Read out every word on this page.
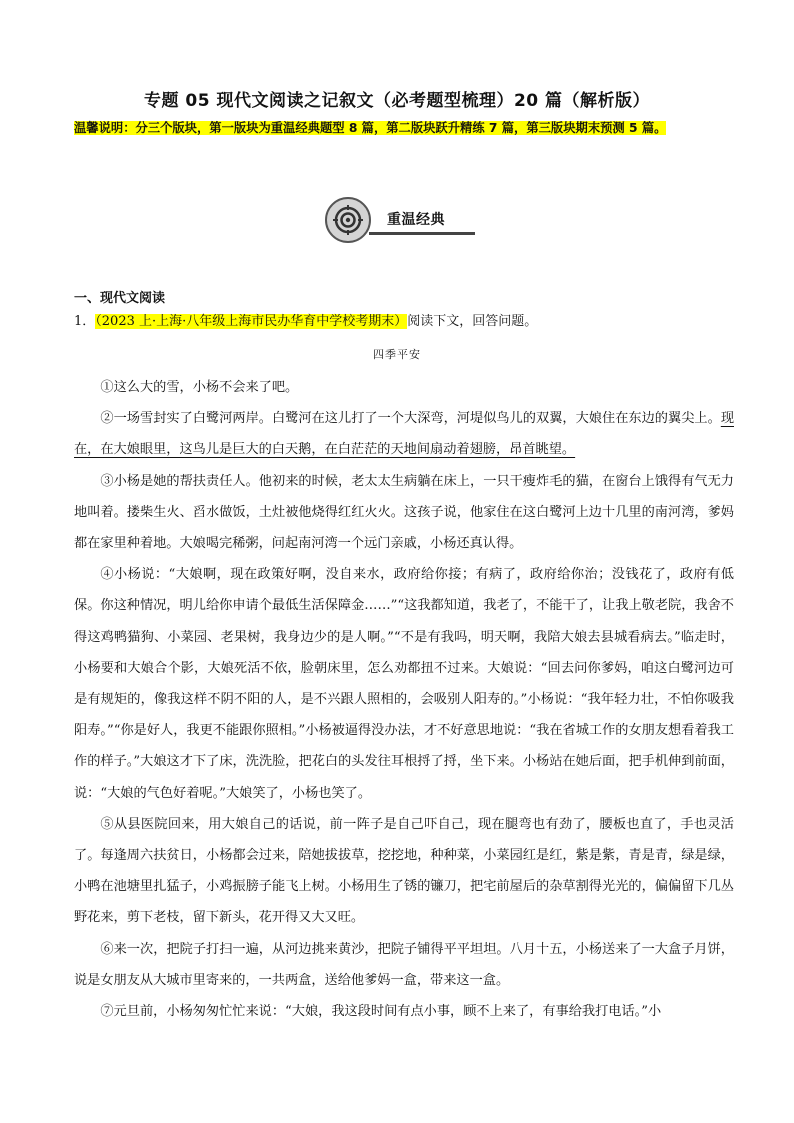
专题 05 现代文阅读之记叙文（必考题型梳理）20 篇（解析版）
温馨说明：分三个版块，第一版块为重温经典题型 8 篇，第二版块跃升精练 7 篇，第三版块期末预测 5 篇。
重温经典
一、现代文阅读
1．（2023 上·上海·八年级上海市民办华育中学校考期末）阅读下文，回答问题。
四季平安

①这么大的雪，小杨不会来了吧。

②一场雪封实了白鹭河两岸。白鹭河在这儿打了一个大深弯，河堤似鸟儿的双翼，大娘住在东边的翼尖上。现在，在大娘眼里，这鸟儿是巨大的白天鹅，在白茫茫的天地间扇动着翅膀，昂首眺望。

③小杨是她的帮扶责任人。他初来的时候，老太太生病躺在床上，一只干瘦炸毛的猫，在窗台上饿得有气无力地叫着。搂柴生火、舀水做饭，土灶被他烧得红红火火。这孩子说，他家住在这白鹭河上边十几里的南河湾，爹妈都在家里种着地。大娘喝完稀粥，问起南河湾一个远门亲戚，小杨还真认得。

④小杨说：“大娘啊，现在政策好啊，没自来水，政府给你接；有病了，政府给你治；没钱花了，政府有低保。你这种情况，明儿给你申请个最低生活保障金……”“这我都知道，我老了，不能干了，让我上敬老院，我舍不得这鸡鸭猫狗、小菜园、老果树，我身边少的是人啊。”“不是有我吗，明天啊，我陪大娘去县城看病去。”临走时，小杨要和大娘合个影，大娘死活不依，脸朝床里，怎么劝都扭不过来。大娘说：“回去问你爹妈，咱这白鹭河边可是有规矩的，像我这样不阴不阳的人，是不兴跟人照相的，会吸别人阳寿的。”小杨说：“我年轻力壮，不怕你吸我阳寿。”“你是好人，我更不能跟你照相。”小杨被逼得没办法，才不好意思地说：“我在省城工作的女朋友想看着我工作的样子。”大娘这才下了床，洗洗脸，把花白的头发往耳根捋了捋，坐下来。小杨站在她后面，把手机伸到前面，说：“大娘的气色好着呢。”大娘笑了，小杨也笑了。

⑤从县医院回来，用大娘自己的话说，前一阵子是自己吓自己，现在腿弯也有劲了，腰板也直了，手也灵活了。每逢周六扶贫日，小杨都会过来，陪她拔拔草，挖挖地，种种菜，小菜园红是红，紫是紫，青是青，绿是绿，小鸭在池塘里扎猛子，小鸡振膀子能飞上树。小杨用生了锈的镰刀，把宅前屋后的杂草割得光光的，偏偏留下几丛野花来，剪下老枝，留下新头，花开得又大又旺。

⑥来一次，把院子打扫一遍，从河边挑来黄沙，把院子铺得平平坦坦。八月十五，小杨送来了一大盒子月饼，说是女朋友从大城市里寄来的，一共两盒，送给他爹妈一盒，带来这一盒。

⑦元旦前，小杨匆匆忙忙来说：“大娘，我这段时间有点小事，顾不上来了，有事给我打电话。”小
